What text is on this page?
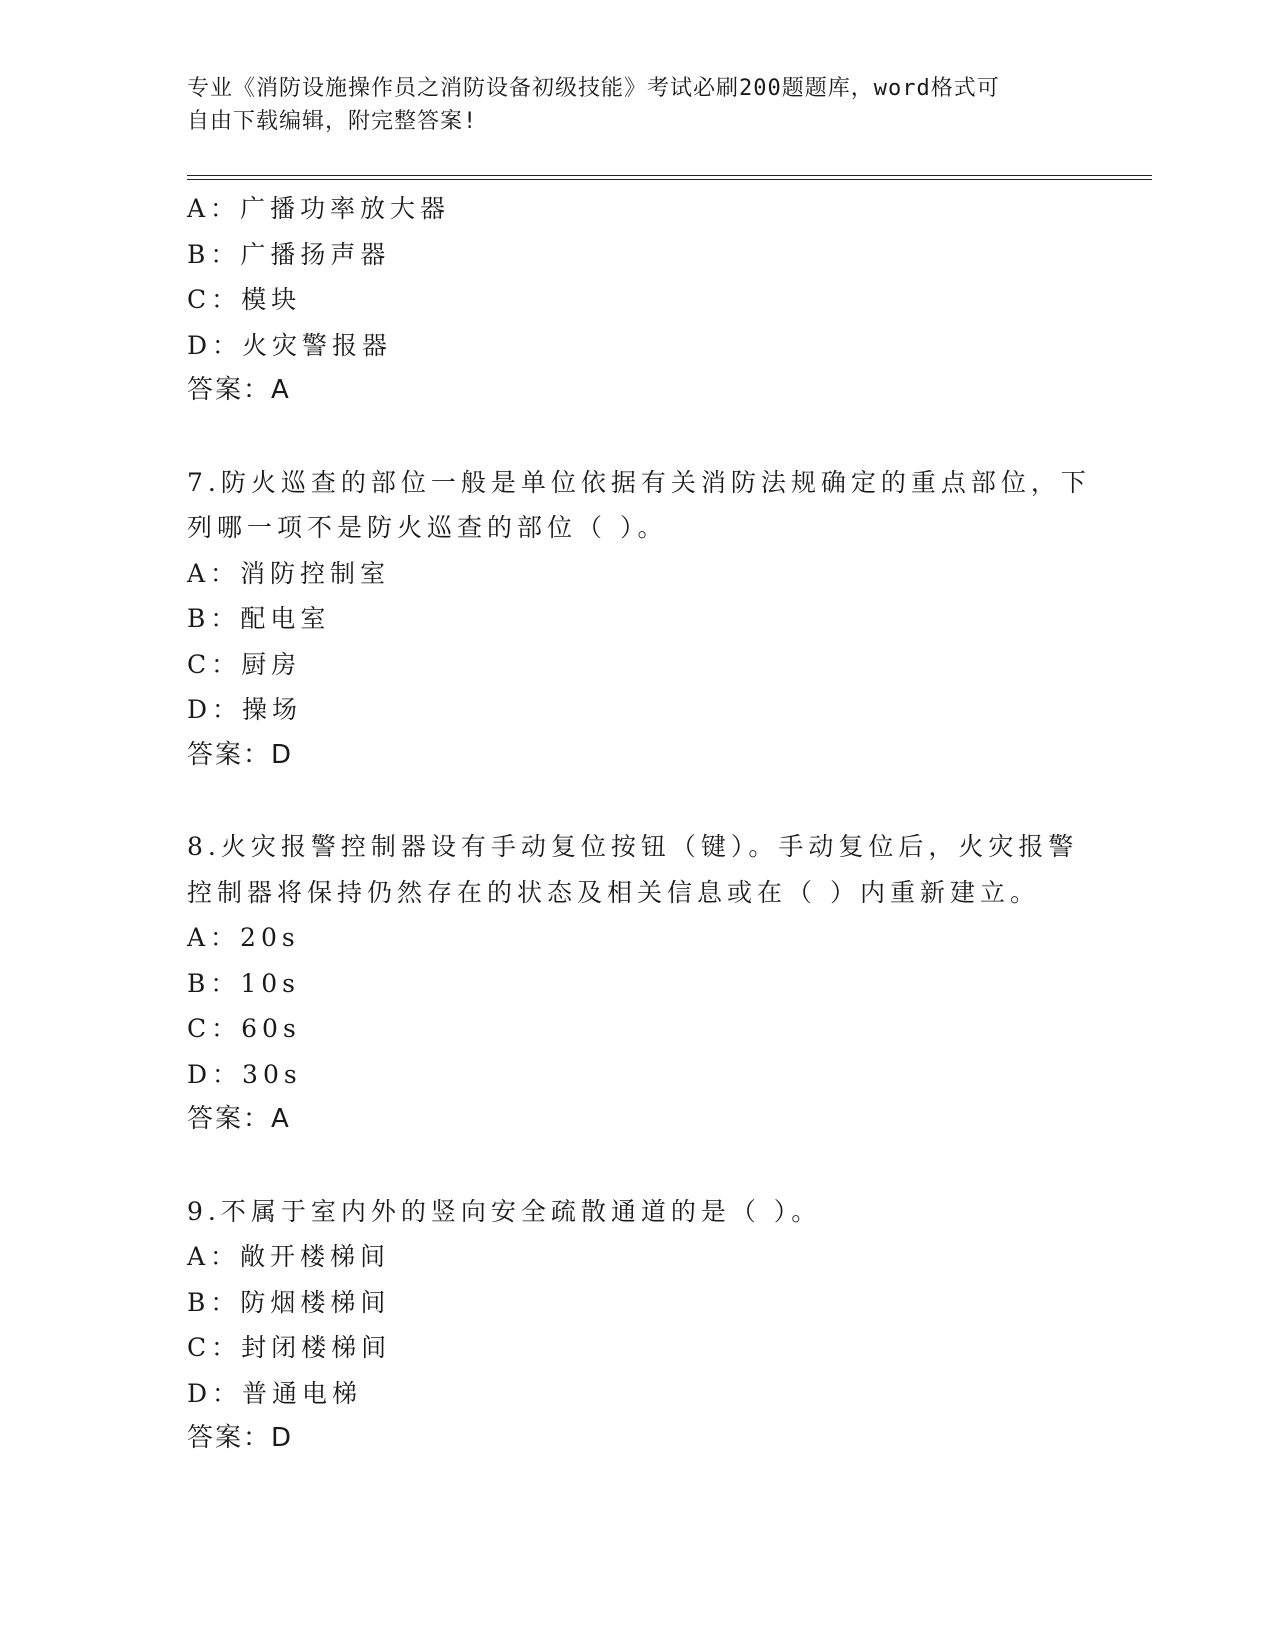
专业《消防设施操作员之消防设备初级技能》考试必刷200题题库，word格式可
自由下载编辑，附完整答案!
A：广播功率放大器
B：广播扬声器
C：模块
D：火灾警报器
答案：A
7.防火巡查的部位一般是单位依据有关消防法规确定的重点部位，下
列哪一项不是防火巡查的部位（ ）。
A：消防控制室
B：配电室
C：厨房
D：操场
答案：D
8.火灾报警控制器设有手动复位按钮（键）。手动复位后，火灾报警
控制器将保持仍然存在的状态及相关信息或在（ ）内重新建立。
A：20s
B：10s
C：60s
D：30s
答案：A
9.不属于室内外的竖向安全疏散通道的是（ ）。
A：敞开楼梯间
B：防烟楼梯间
C：封闭楼梯间
D：普通电梯
答案：D
